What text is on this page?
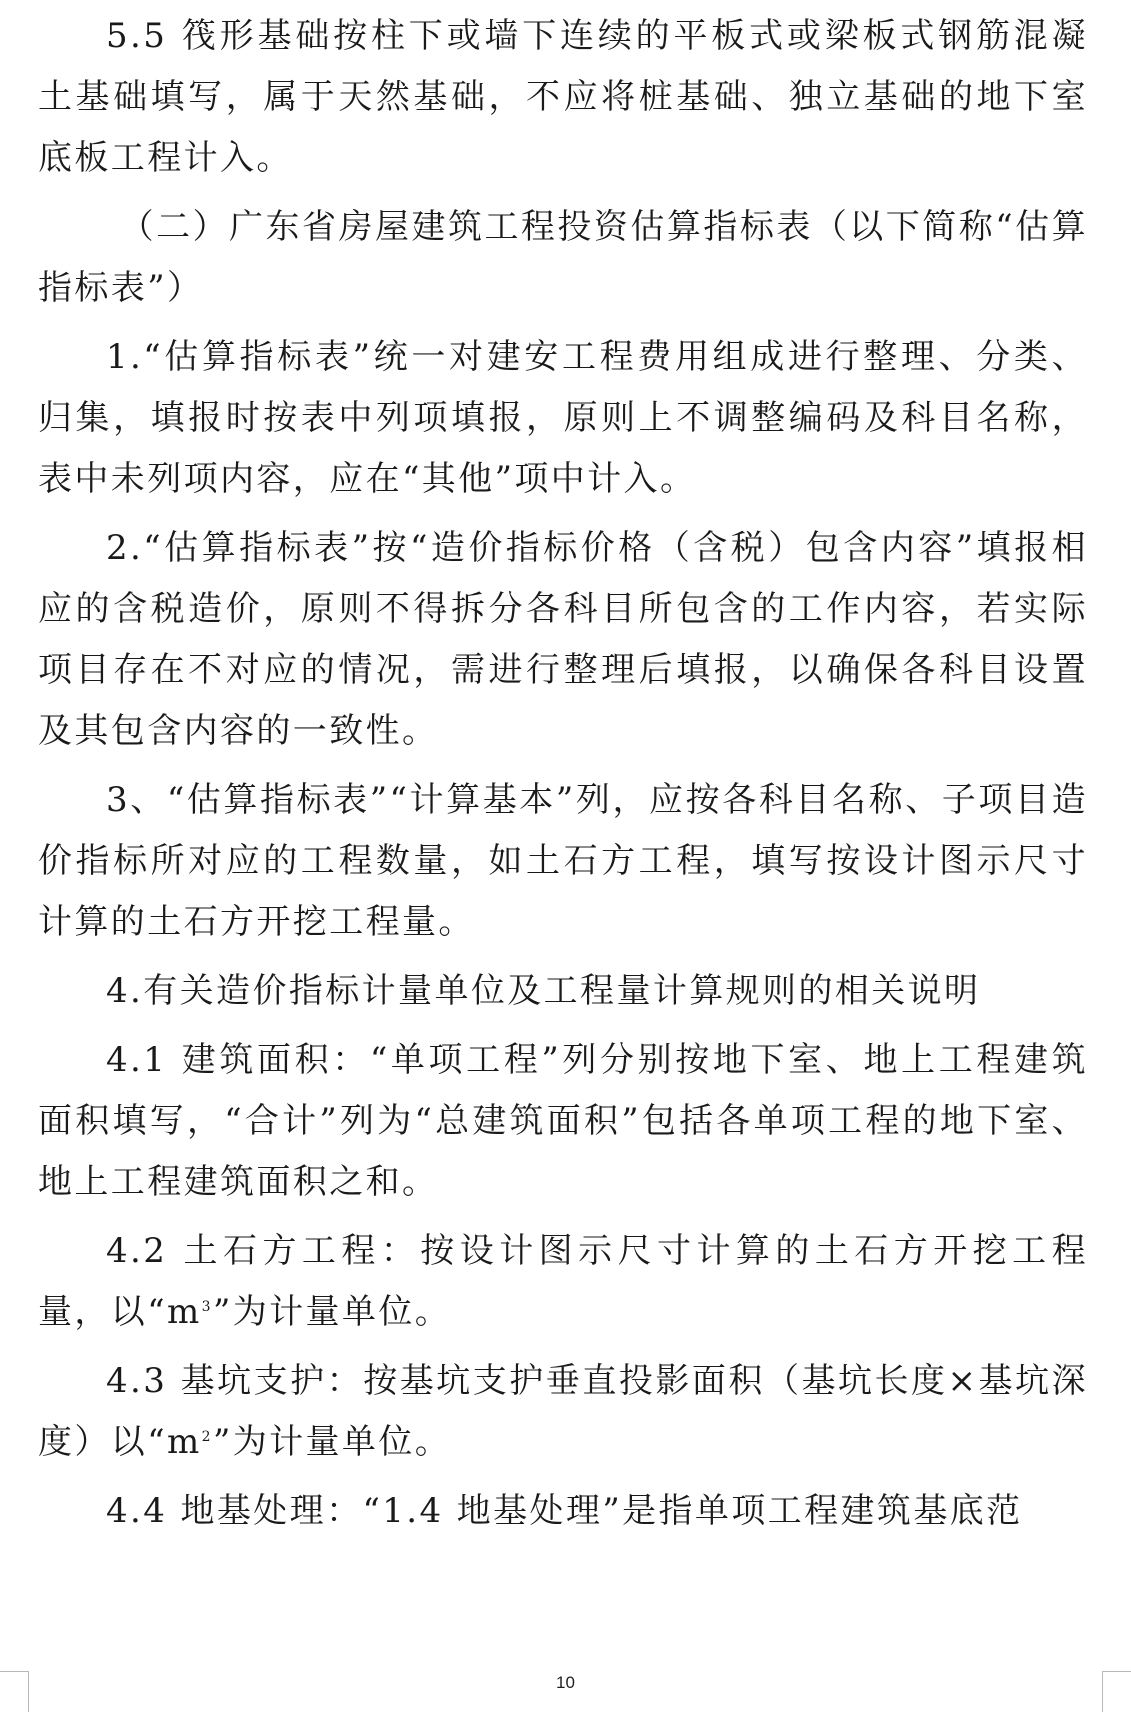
5.5 筏形基础按柱下或墙下连续的平板式或梁板式钢筋混凝土基础填写，属于天然基础，不应将桩基础、独立基础的地下室底板工程计入。

（二）广东省房屋建筑工程投资估算指标表（以下简称“估算指标表”）

1.“估算指标表”统一对建安工程费用组成进行整理、分类、归集，填报时按表中列项填报，原则上不调整编码及科目名称，表中未列项内容，应在“其他”项中计入。

2.“估算指标表”按“造价指标价格（含税）包含内容”填报相应的含税造价，原则不得拆分各科目所包含的工作内容，若实际项目存在不对应的情况，需进行整理后填报，以确保各科目设置及其包含内容的一致性。

3、“估算指标表”“计算基本”列，应按各科目名称、子项目造价指标所对应的工程数量，如土石方工程，填写按设计图示尺寸计算的土石方开挖工程量。

4.有关造价指标计量单位及工程量计算规则的相关说明

4.1 建筑面积：“单项工程”列分别按地下室、地上工程建筑面积填写，“合计”列为“总建筑面积”包括各单项工程的地下室、地上工程建筑面积之和。

4.2 土石方工程：按设计图示尺寸计算的土石方开挖工程量，以“$m^3$”为计量单位。

4.3 基坑支护：按基坑支护垂直投影面积（基坑长度×基坑深度）以“$m^2$”为计量单位。

4.4 地基处理：“1.4 地基处理”是指单项工程建筑基底范

10
